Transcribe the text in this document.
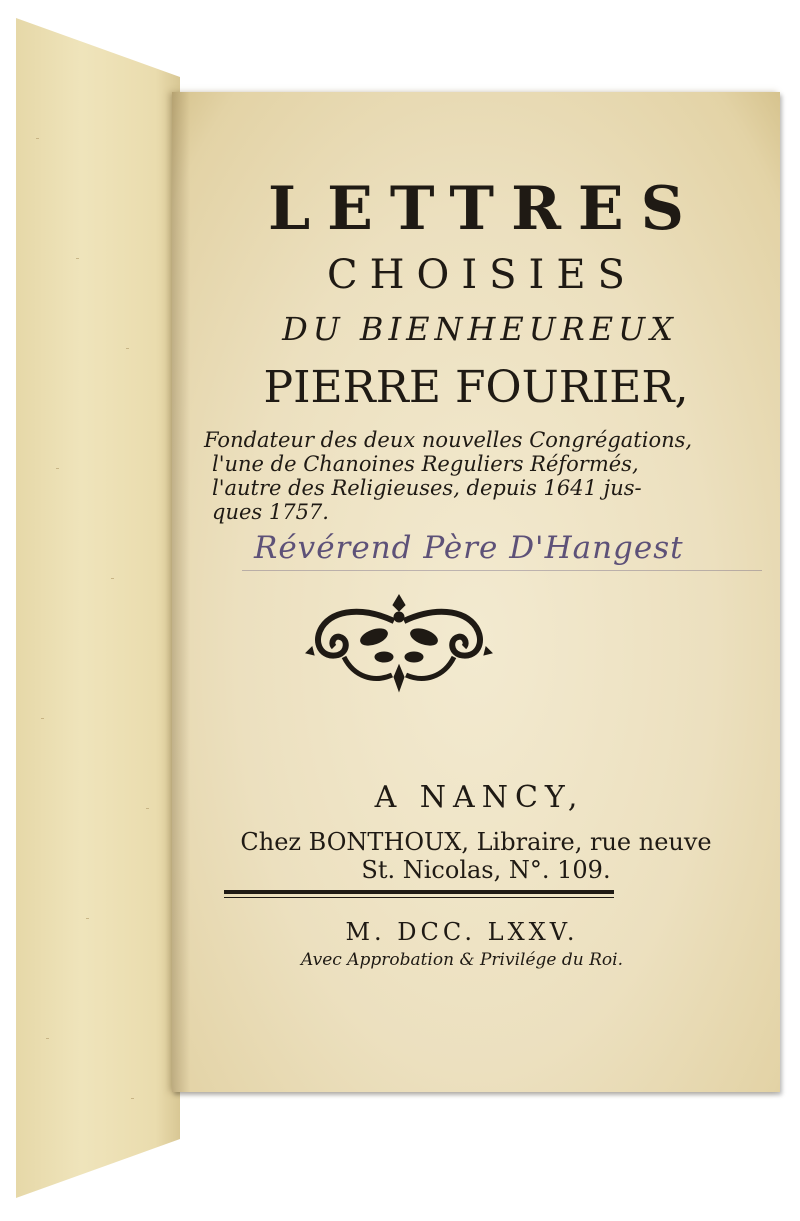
LETTRES
CHOISIES
DU BIENHEUREUX
PIERRE FOURIER,
Fondateur des deux nouvelles Congrégations,
l'une de Chanoines Reguliers Réformés,
l'autre des Religieuses, depuis 1641 jus-
ques 1757.
Révérend Père D'Hangest
A NANCY,
Chez BONTHOUX, Libraire, rue neuve
St. Nicolas, N°. 109.
M. DCC. LXXV.
Avec Approbation & Privilége du Roi.
